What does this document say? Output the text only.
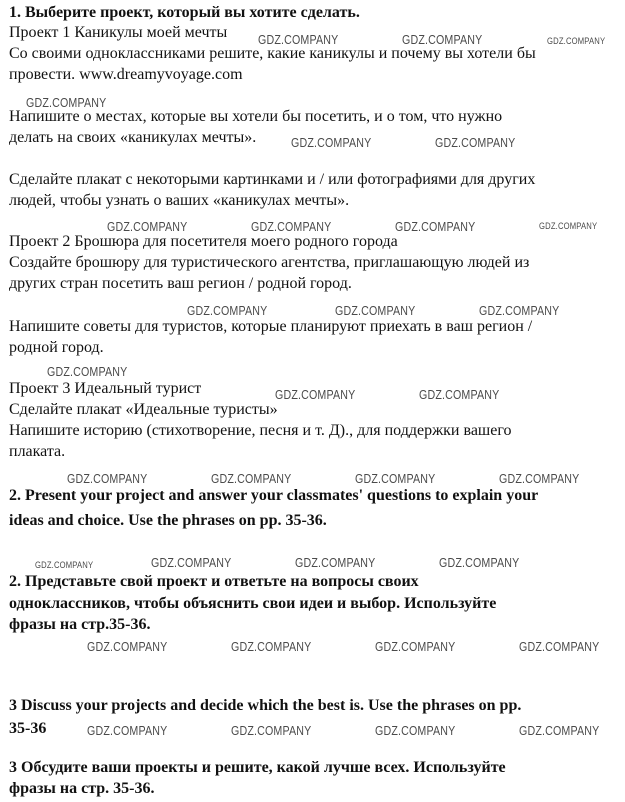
1. Выберите проект, который вы хотите сделать.

Проект 1 Каникулы моей мечты

Со своими одноклассниками решите, какие каникулы и почему вы хотели бы

провести. www.dreamyvoyage.com

Напишите о местах, которые вы хотели бы посетить, и о том, что нужно

делать на своих «каникулах мечты».

Сделайте плакат с некоторыми картинками и / или фотографиями для других

людей, чтобы узнать о ваших «каникулах мечты».

Проект 2 Брошюра для посетителя моего родного города

Создайте брошюру для туристического агентства, приглашающую людей из

других стран посетить ваш регион / родной город.

Напишите советы для туристов, которые планируют приехать в ваш регион /

родной город.

Проект 3 Идеальный турист

Сделайте плакат «Идеальные туристы»

Напишите историю (стихотворение, песня и т. Д)., для поддержки вашего

плаката.

2. Present your project and answer your classmates' questions to explain your

ideas and choice. Use the phrases on pp. 35-36.

2. Представьте свой проект и ответьте на вопросы своих

одноклассников, чтобы объяснить свои идеи и выбор. Используйте

фразы на стр.35-36.

3 Discuss your projects and decide which the best is. Use the phrases on pp.

35-36

3 Обсудите ваши проекты и решите, какой лучше всех. Используйте

фразы на стр. 35-36.

GDZ.COMPANY	GDZ.COMPANY	GDZ.COMPANY
GDZ.COMPANY
GDZ.COMPANY	GDZ.COMPANY
GDZ.COMPANY	GDZ.COMPANY	GDZ.COMPANY	GDZ.COMPANY
GDZ.COMPANY	GDZ.COMPANY	GDZ.COMPANY
GDZ.COMPANY
GDZ.COMPANY	GDZ.COMPANY
GDZ.COMPANY	GDZ.COMPANY	GDZ.COMPANY	GDZ.COMPANY
GDZ.COMPANY	GDZ.COMPANY	GDZ.COMPANY	GDZ.COMPANY
GDZ.COMPANY	GDZ.COMPANY	GDZ.COMPANY	GDZ.COMPANY
GDZ.COMPANY	GDZ.COMPANY	GDZ.COMPANY	GDZ.COMPANY
